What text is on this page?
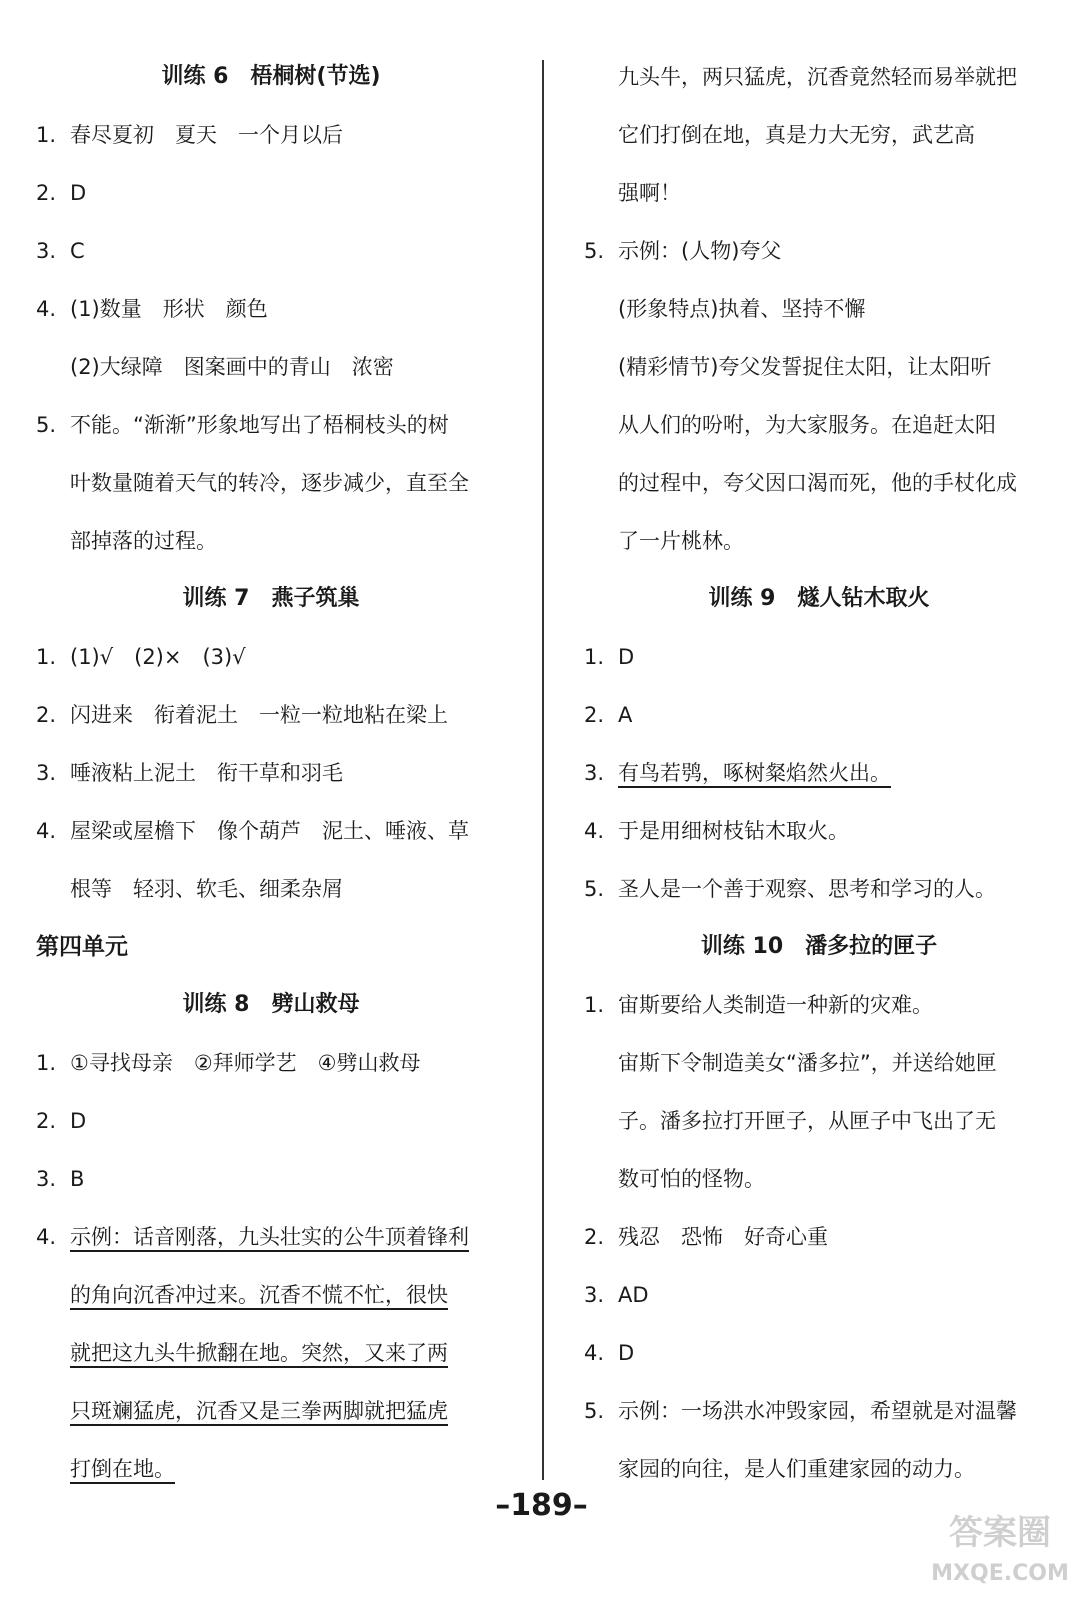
训练 6　梧桐树(节选)
1. 春尽夏初　夏天　一个月以后
2. D
3. C
4. (1)数量　形状　颜色
(2)大绿障　图案画中的青山　浓密
5. 不能。“渐渐”形象地写出了梧桐枝头的树
叶数量随着天气的转冷，逐步减少，直至全
部掉落的过程。
训练 7　燕子筑巢
1. (1)√　(2)×　(3)√
2. 闪进来　衔着泥土　一粒一粒地粘在梁上
3. 唾液粘上泥土　衔干草和羽毛
4. 屋梁或屋檐下　像个葫芦　泥土、唾液、草
根等　轻羽、软毛、细柔杂屑
第四单元
训练 8　劈山救母
1. ①寻找母亲　②拜师学艺　④劈山救母
2. D
3. B
4. 示例：话音刚落，九头壮实的公牛顶着锋利
的角向沉香冲过来。沉香不慌不忙，很快
就把这九头牛掀翻在地。突然，又来了两
只斑斓猛虎，沉香又是三拳两脚就把猛虎
打倒在地。
九头牛，两只猛虎，沉香竟然轻而易举就把
它们打倒在地，真是力大无穷，武艺高
强啊！
5. 示例：(人物)夸父
(形象特点)执着、坚持不懈
(精彩情节)夸父发誓捉住太阳，让太阳听
从人们的吩咐，为大家服务。在追赶太阳
的过程中，夸父因口渴而死，他的手杖化成
了一片桃林。
训练 9　燧人钻木取火
1. D
2. A
3. 有鸟若鸮，啄树粲焰然火出。
4. 于是用细树枝钻木取火。
5. 圣人是一个善于观察、思考和学习的人。
训练 10　潘多拉的匣子
1. 宙斯要给人类制造一种新的灾难。
宙斯下令制造美女“潘多拉”，并送给她匣
子。潘多拉打开匣子，从匣子中飞出了无
数可怕的怪物。
2. 残忍　恐怖　好奇心重
3. AD
4. D
5. 示例：一场洪水冲毁家园，希望就是对温馨
家园的向往，是人们重建家园的动力。
–189–
答案圈
MXQE.COM
